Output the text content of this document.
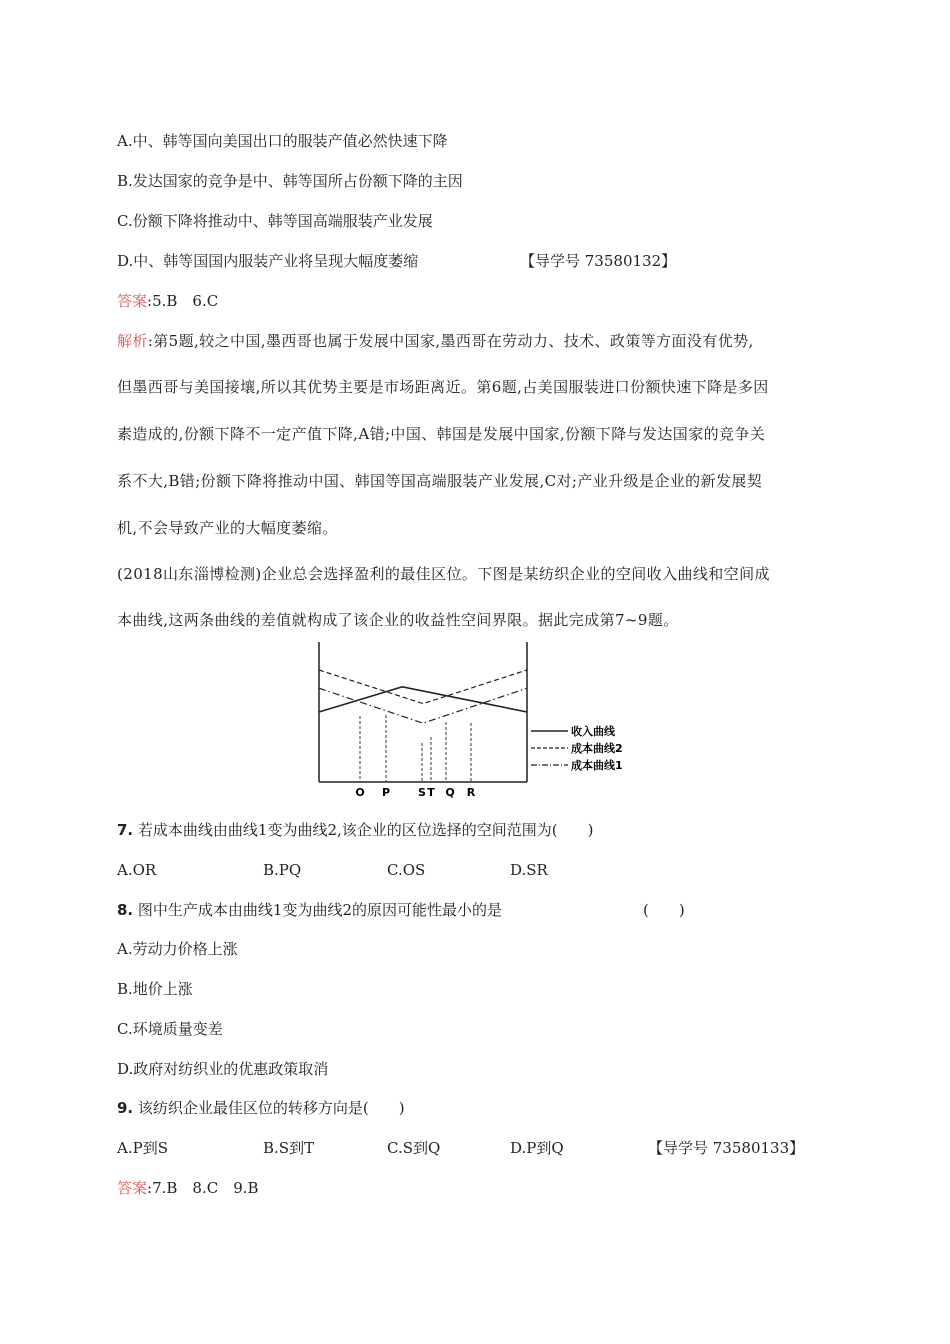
A.中、韩等国向美国出口的服装产值必然快速下降
B.发达国家的竞争是中、韩等国所占份额下降的主因
C.份额下降将推动中、韩等国高端服装产业发展
D.中、韩等国国内服装产业将呈现大幅度萎缩	【导学号 73580132】
答案:5.B　6.C
解析:第5题,较之中国,墨西哥也属于发展中国家,墨西哥在劳动力、技术、政策等方面没有优势,
但墨西哥与美国接壤,所以其优势主要是市场距离近。第6题,占美国服装进口份额快速下降是多因
素造成的,份额下降不一定产值下降,A错;中国、韩国是发展中国家,份额下降与发达国家的竞争关
系不大,B错;份额下降将推动中国、韩国等国高端服装产业发展,C对;产业升级是企业的新发展契
机,不会导致产业的大幅度萎缩。
(2018山东淄博检测)企业总会选择盈利的最佳区位。下图是某纺织企业的空间收入曲线和空间成
本曲线,这两条曲线的差值就构成了该企业的收益性空间界限。据此完成第7~9题。
O P	S T Q R
收入曲线
成本曲线2
成本曲线1
7. 若成本曲线由曲线1变为曲线2,该企业的区位选择的空间范围为(　　)
A.OR	B.PQ	C.OS	D.SR
8. 图中生产成本由曲线1变为曲线2的原因可能性最小的是	(　　)
A.劳动力价格上涨
B.地价上涨
C.环境质量变差
D.政府对纺织业的优惠政策取消
9. 该纺织企业最佳区位的转移方向是(　　)
A.P到S	B.S到T	C.S到Q	D.P到Q	【导学号 73580133】
答案:7.B　8.C　9.B
